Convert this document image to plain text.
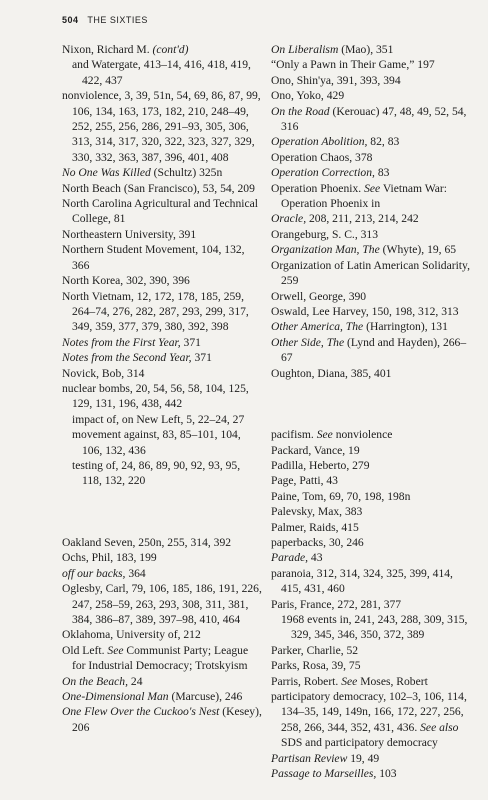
504 THE SIXTIES
Nixon, Richard M. (cont'd)
and Watergate, 413–14, 416, 418, 419, 422, 437
nonviolence, 3, 39, 51n, 54, 69, 86, 87, 99, 106, 134, 163, 173, 182, 210, 248–49, 252, 255, 256, 286, 291–93, 305, 306, 313, 314, 317, 320, 322, 323, 327, 329, 330, 332, 363, 387, 396, 401, 408
No One Was Killed (Schultz) 325n
North Beach (San Francisco), 53, 54, 209
North Carolina Agricultural and Technical College, 81
Northeastern University, 391
Northern Student Movement, 104, 132, 366
North Korea, 302, 390, 396
North Vietnam, 12, 172, 178, 185, 259, 264–74, 276, 282, 287, 293, 299, 317, 349, 359, 377, 379, 380, 392, 398
Notes from the First Year, 371
Notes from the Second Year, 371
Novick, Bob, 314
nuclear bombs, 20, 54, 56, 58, 104, 125, 129, 131, 196, 438, 442
impact of, on New Left, 5, 22–24, 27
movement against, 83, 85–101, 104, 106, 132, 436
testing of, 24, 86, 89, 90, 92, 93, 95, 118, 132, 220
Oakland Seven, 250n, 255, 314, 392
Ochs, Phil, 183, 199
off our backs, 364
Oglesby, Carl, 79, 106, 185, 186, 191, 226, 247, 258–59, 263, 293, 308, 311, 381, 384, 386–87, 389, 397–98, 410, 464
Oklahoma, University of, 212
Old Left. See Communist Party; League for Industrial Democracy; Trotskyism
On the Beach, 24
One-Dimensional Man (Marcuse), 246
One Flew Over the Cuckoo's Nest (Kesey), 206
On Liberalism (Mao), 351
“Only a Pawn in Their Game,” 197
Ono, Shin'ya, 391, 393, 394
Ono, Yoko, 429
On the Road (Kerouac) 47, 48, 49, 52, 54, 316
Operation Abolition, 82, 83
Operation Chaos, 378
Operation Correction, 83
Operation Phoenix. See Vietnam War: Operation Phoenix in
Oracle, 208, 211, 213, 214, 242
Orangeburg, S. C., 313
Organization Man, The (Whyte), 19, 65
Organization of Latin American Solidarity, 259
Orwell, George, 390
Oswald, Lee Harvey, 150, 198, 312, 313
Other America, The (Harrington), 131
Other Side, The (Lynd and Hayden), 266–67
Oughton, Diana, 385, 401
pacifism. See nonviolence
Packard, Vance, 19
Padilla, Heberto, 279
Page, Patti, 43
Paine, Tom, 69, 70, 198, 198n
Palevsky, Max, 383
Palmer, Raids, 415
paperbacks, 30, 246
Parade, 43
paranoia, 312, 314, 324, 325, 399, 414, 415, 431, 460
Paris, France, 272, 281, 377
1968 events in, 241, 243, 288, 309, 315, 329, 345, 346, 350, 372, 389
Parker, Charlie, 52
Parks, Rosa, 39, 75
Parris, Robert. See Moses, Robert
participatory democracy, 102–3, 106, 114, 134–35, 149, 149n, 166, 172, 227, 256, 258, 266, 344, 352, 431, 436. See also SDS and participatory democracy
Partisan Review 19, 49
Passage to Marseilles, 103
